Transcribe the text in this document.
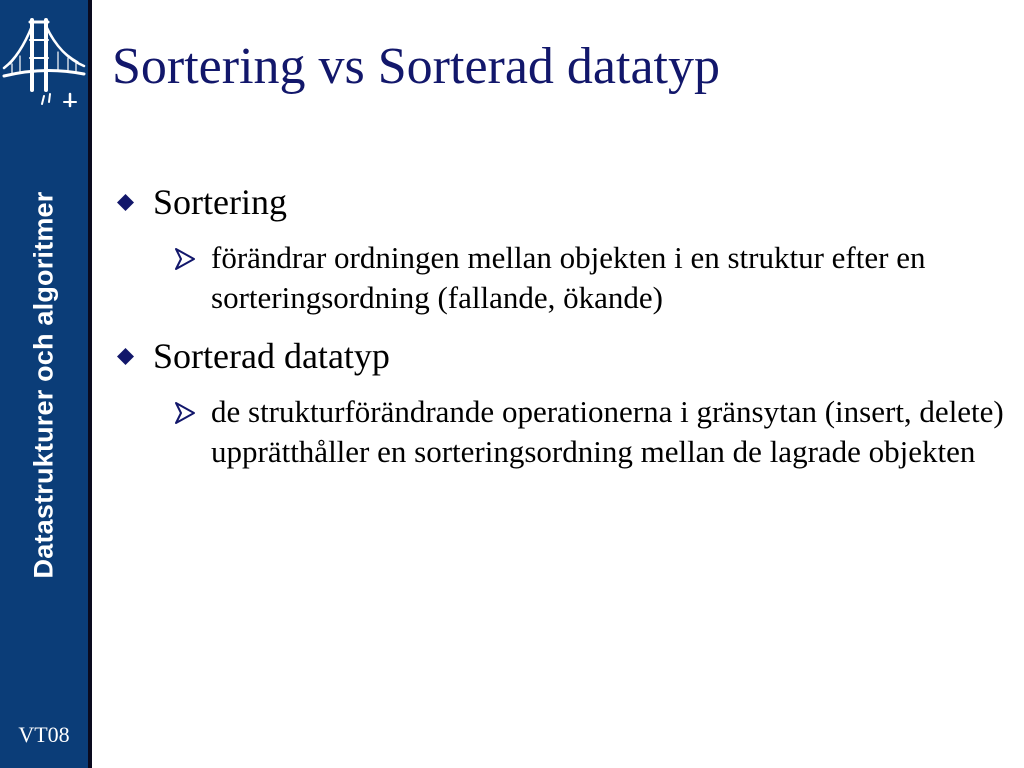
Datastrukturer och algoritmer
VT08
Sortering vs Sorterad datatyp
Sortering
förändrar ordningen mellan objekten i en struktur efter en sorteringsordning (fallande, ökande)
Sorterad datatyp
de strukturförändrande operationerna i gränsytan (insert, delete) upprätthåller en sorteringsordning mellan de lagrade objekten
